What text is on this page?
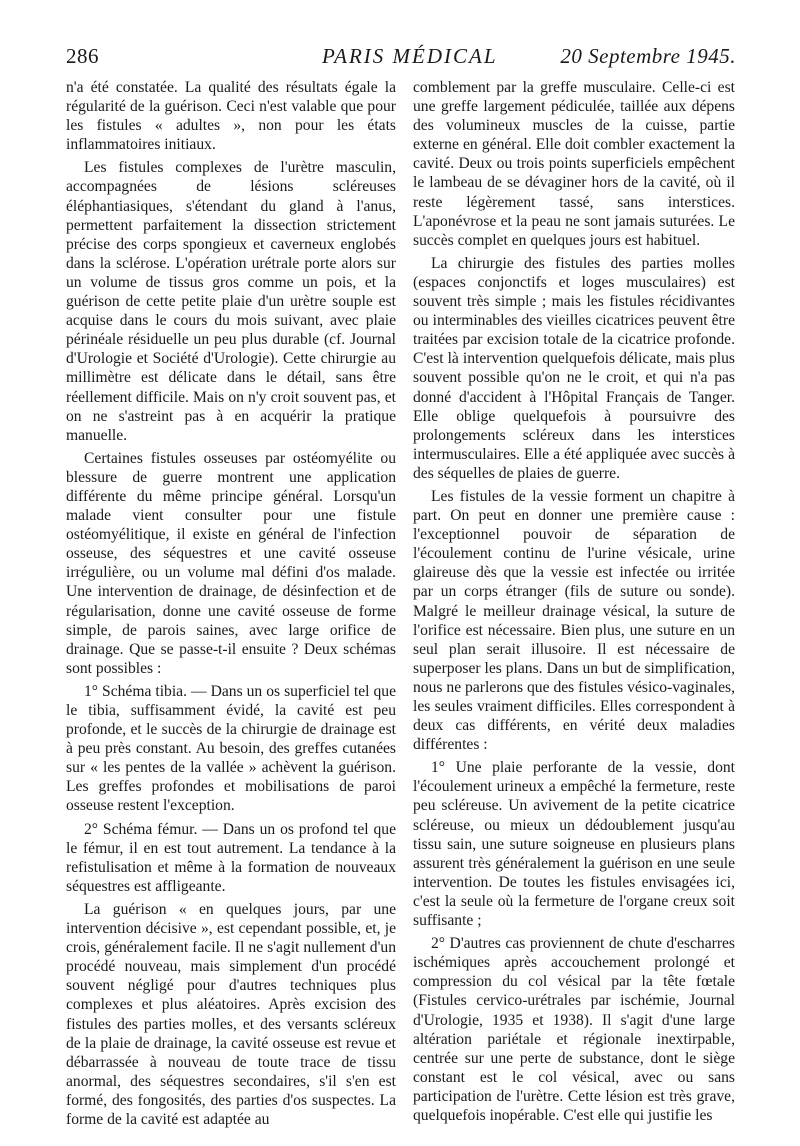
286	PARIS MÉDICAL	20 Septembre 1945.

n'a été constatée. La qualité des résultats égale la régularité de la guérison. Ceci n'est valable que pour les fistules « adultes », non pour les états inflammatoires initiaux.

Les fistules complexes de l'urètre masculin, accompagnées de lésions scléreuses éléphantiasiques, s'étendant du gland à l'anus, permettent parfaitement la dissection strictement précise des corps spongieux et caverneux englobés dans la sclérose. L'opération urétrale porte alors sur un volume de tissus gros comme un pois, et la guérison de cette petite plaie d'un urètre souple est acquise dans le cours du mois suivant, avec plaie périnéale résiduelle un peu plus durable (cf. Journal d'Urologie et Société d'Urologie). Cette chirurgie au millimètre est délicate dans le détail, sans être réellement difficile. Mais on n'y croit souvent pas, et on ne s'astreint pas à en acquérir la pratique manuelle.

Certaines fistules osseuses par ostéomyélite ou blessure de guerre montrent une application différente du même principe général. Lorsqu'un malade vient consulter pour une fistule ostéomyélitique, il existe en général de l'infection osseuse, des séquestres et une cavité osseuse irrégulière, ou un volume mal défini d'os malade. Une intervention de drainage, de désinfection et de régularisation, donne une cavité osseuse de forme simple, de parois saines, avec large orifice de drainage. Que se passe-t-il ensuite ? Deux schémas sont possibles :

1° Schéma tibia. — Dans un os superficiel tel que le tibia, suffisamment évidé, la cavité est peu profonde, et le succès de la chirurgie de drainage est à peu près constant. Au besoin, des greffes cutanées sur « les pentes de la vallée » achèvent la guérison. Les greffes profondes et mobilisations de paroi osseuse restent l'exception.

2° Schéma fémur. — Dans un os profond tel que le fémur, il en est tout autrement. La tendance à la refistulisation et même à la formation de nouveaux séquestres est affligeante.

La guérison « en quelques jours, par une intervention décisive », est cependant possible, et, je crois, généralement facile. Il ne s'agit nullement d'un procédé nouveau, mais simplement d'un procédé souvent négligé pour d'autres techniques plus complexes et plus aléatoires. Après excision des fistules des parties molles, et des versants scléreux de la plaie de drainage, la cavité osseuse est revue et débarrassée à nouveau de toute trace de tissu anormal, des séquestres secondaires, s'il s'en est formé, des fongosités, des parties d'os suspectes. La forme de la cavité est adaptée au

comblement par la greffe musculaire. Celle-ci est une greffe largement pédiculée, taillée aux dépens des volumineux muscles de la cuisse, partie externe en général. Elle doit combler exactement la cavité. Deux ou trois points superficiels empêchent le lambeau de se dévaginer hors de la cavité, où il reste légèrement tassé, sans interstices. L'aponévrose et la peau ne sont jamais suturées. Le succès complet en quelques jours est habituel.

La chirurgie des fistules des parties molles (espaces conjonctifs et loges musculaires) est souvent très simple ; mais les fistules récidivantes ou interminables des vieilles cicatrices peuvent être traitées par excision totale de la cicatrice profonde. C'est là intervention quelquefois délicate, mais plus souvent possible qu'on ne le croit, et qui n'a pas donné d'accident à l'Hôpital Français de Tanger. Elle oblige quelquefois à poursuivre des prolongements scléreux dans les interstices intermusculaires. Elle a été appliquée avec succès à des séquelles de plaies de guerre.

Les fistules de la vessie forment un chapitre à part. On peut en donner une première cause : l'exceptionnel pouvoir de séparation de l'écoulement continu de l'urine vésicale, urine glaireuse dès que la vessie est infectée ou irritée par un corps étranger (fils de suture ou sonde). Malgré le meilleur drainage vésical, la suture de l'orifice est nécessaire. Bien plus, une suture en un seul plan serait illusoire. Il est nécessaire de superposer les plans. Dans un but de simplification, nous ne parlerons que des fistules vésico-vaginales, les seules vraiment difficiles. Elles correspondent à deux cas différents, en vérité deux maladies différentes :

1° Une plaie perforante de la vessie, dont l'écoulement urineux a empêché la fermeture, reste peu scléreuse. Un avivement de la petite cicatrice scléreuse, ou mieux un dédoublement jusqu'au tissu sain, une suture soigneuse en plusieurs plans assurent très généralement la guérison en une seule intervention. De toutes les fistules envisagées ici, c'est la seule où la fermeture de l'organe creux soit suffisante ;

2° D'autres cas proviennent de chute d'escharres ischémiques après accouchement prolongé et compression du col vésical par la tête fœtale (Fistules cervico-urétrales par ischémie, Journal d'Urologie, 1935 et 1938). Il s'agit d'une large altération pariétale et régionale inextirpable, centrée sur une perte de substance, dont le siège constant est le col vésical, avec ou sans participation de l'urètre. Cette lésion est très grave, quelquefois inopérable. C'est elle qui justifie les
